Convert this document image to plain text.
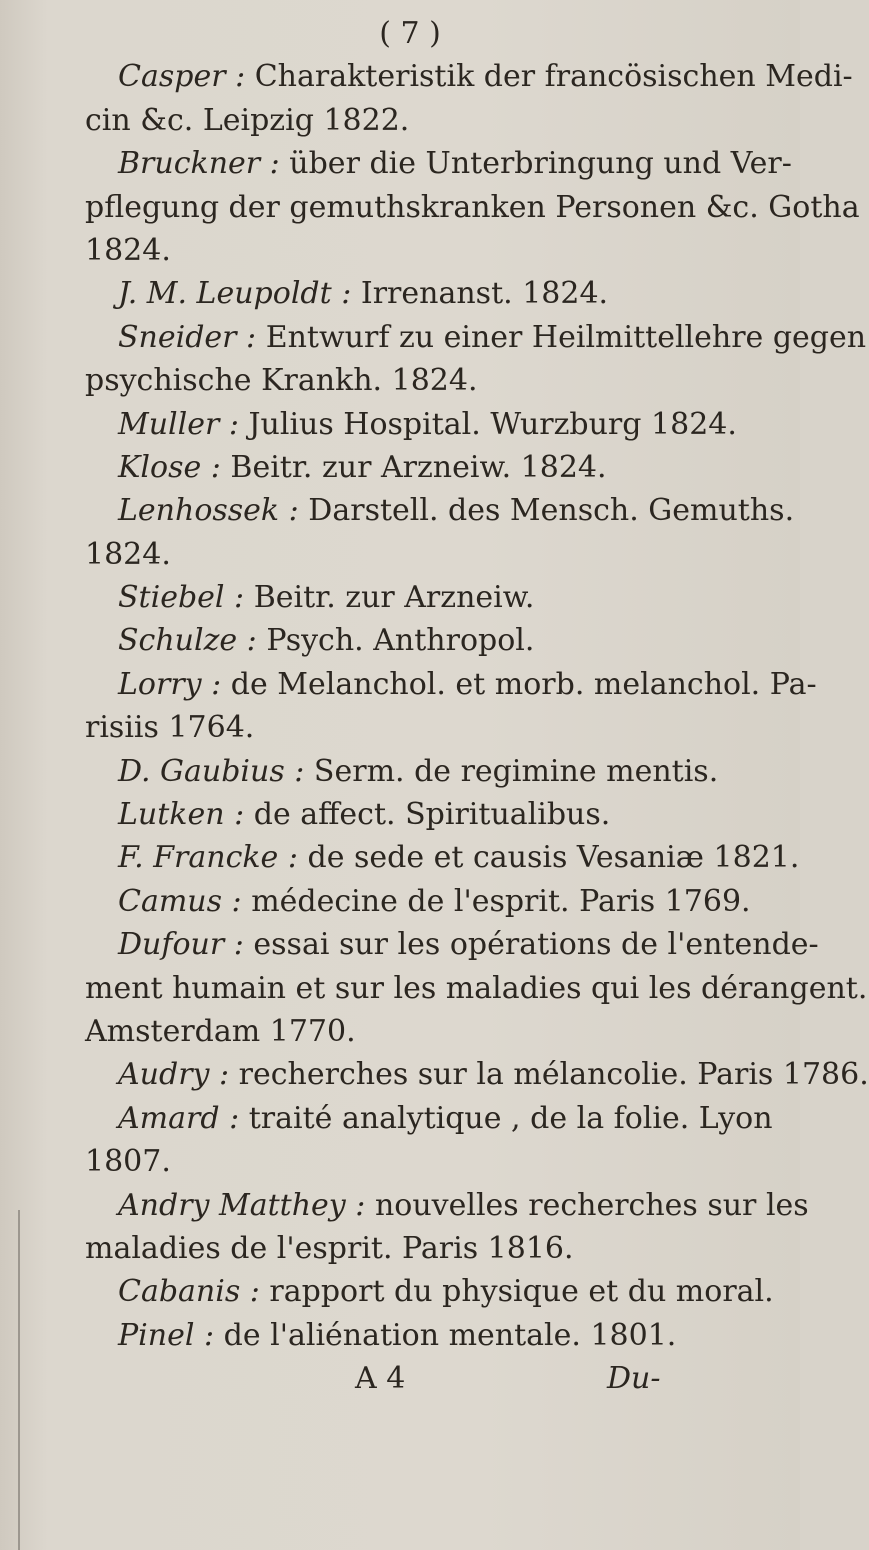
( 7 )
Casper : Charakteristik der francösischen Medi-
cin &c. Leipzig 1822.
Bruckner : über die Unterbringung und Ver-
pflegung der gemuthskranken Personen &c. Gotha
1824.
J. M. Leupoldt : Irrenanst. 1824.
Sneider : Entwurf zu einer Heilmittellehre gegen
psychische Krankh. 1824.
Muller : Julius Hospital. Wurzburg 1824.
Klose : Beitr. zur Arzneiw. 1824.
Lenhossek : Darstell. des Mensch. Gemuths.
1824.
Stiebel : Beitr. zur Arzneiw.
Schulze : Psych. Anthropol.
Lorry : de Melanchol. et morb. melanchol. Pa-
risiis 1764.
D. Gaubius : Serm. de regimine mentis.
Lutken : de affect. Spiritualibus.
F. Francke : de sede et causis Vesaniæ 1821.
Camus : médecine de l'esprit. Paris 1769.
Dufour : essai sur les opérations de l'entende-
ment humain et sur les maladies qui les dérangent.
Amsterdam 1770.
Audry : recherches sur la mélancolie. Paris 1786.
Amard : traité analytique , de la folie. Lyon
1807.
Andry Matthey : nouvelles recherches sur les
maladies de l'esprit. Paris 1816.
Cabanis : rapport du physique et du moral.
Pinel : de l'aliénation mentale. 1801.
A 4	Du-
